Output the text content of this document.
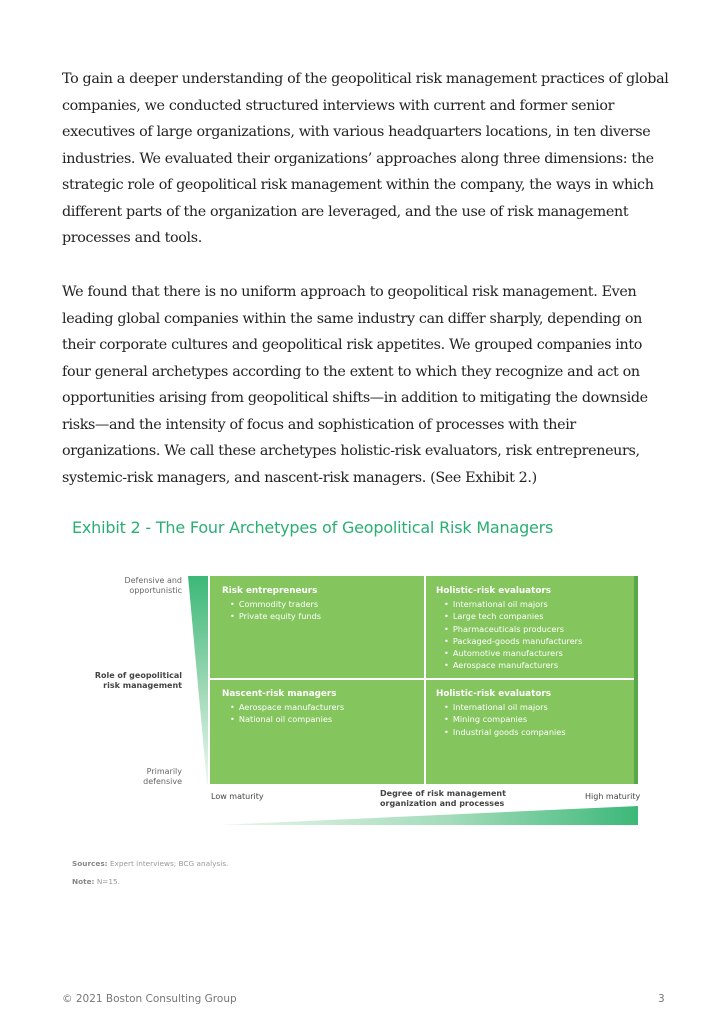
To gain a deeper understanding of the geopolitical risk management practices of global companies, we conducted structured interviews with current and former senior executives of large organizations, with various headquarters locations, in ten diverse industries. We evaluated their organizations’ approaches along three dimensions: the strategic role of geopolitical risk management within the company, the ways in which different parts of the organization are leveraged, and the use of risk management processes and tools.

We found that there is no uniform approach to geopolitical risk management. Even leading global companies within the same industry can differ sharply, depending on their corporate cultures and geopolitical risk appetites. We grouped companies into four general archetypes according to the extent to which they recognize and act on opportunities arising from geopolitical shifts—in addition to mitigating the downside risks—and the intensity of focus and sophistication of processes with their organizations. We call these archetypes holistic-risk evaluators, risk entrepreneurs, systemic-risk managers, and nascent-risk managers. (See Exhibit 2.)

Exhibit 2 - The Four Archetypes of Geopolitical Risk Managers
Defensive and
opportunistic
Role of geopolitical
risk management
Primarily
defensive
Risk entrepreneurs
• Commodity traders
• Private equity funds
Holistic-risk evaluators
• International oil majors
• Large tech companies
• Pharmaceuticals producers
• Packaged-goods manufacturers
• Automotive manufacturers
• Aerospace manufacturers
Nascent-risk managers
• Aerospace manufacturers
• National oil companies
Holistic-risk evaluators
• International oil majors
• Mining companies
• Industrial goods companies
Low maturity	Degree of risk management
organization and processes
High maturity
Sources: Expert interviews; BCG analysis.
Note: N=15.
© 2021 Boston Consulting Group	3
